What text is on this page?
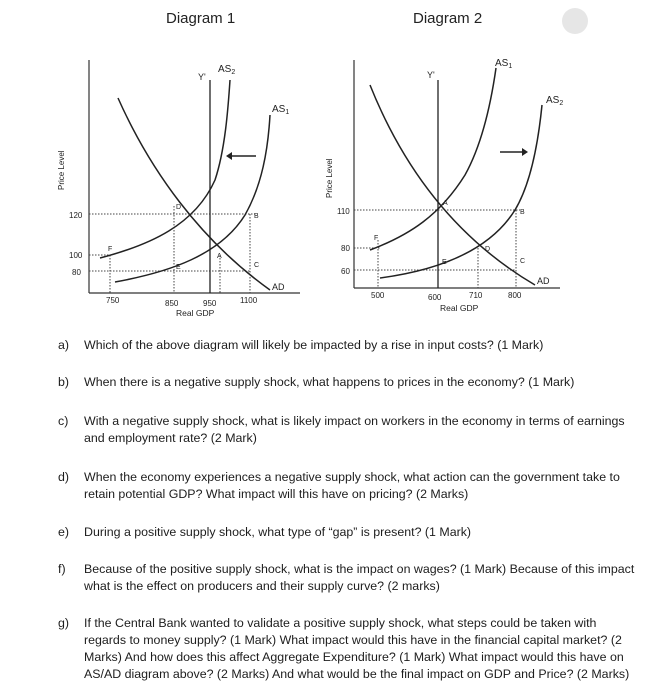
Diagram 1	Diagram 2
Price Level
Real GDP
120
100
80
750	850	950	1100
Y'
$AS_2$
$AS_1$
AD
D
B
A
C
E
F
Price Level
Real GDP
110
80
60
500	600	710	800
Y'
$AS_1$
$AS_2$
AD
A
B
D
C
E
F
a)	Which of the above diagram will likely be impacted by a rise in input costs? (1 Mark)
b)	When there is a negative supply shock, what happens to prices in the economy? (1 Mark)
c)	With a negative supply shock, what is likely impact on workers in the economy in terms of earnings and employment rate? (2 Mark)
d)	When the economy experiences a negative supply shock, what action can the government take to retain potential GDP? What impact will this have on pricing? (2 Marks)
e)	During a positive supply shock, what type of “gap” is present? (1 Mark)
f)	Because of the positive supply shock, what is the impact on wages? (1 Mark) Because of this impact what is the effect on producers and their supply curve? (2 marks)
g)	If the Central Bank wanted to validate a positive supply shock, what steps could be taken with regards to money supply? (1 Mark) What impact would this have in the financial capital market? (2 Marks) And how does this affect Aggregate Expenditure? (1 Mark) What impact would this have on AS/AD diagram above? (2 Marks) And what would be the final impact on GDP and Price? (2 Marks)
